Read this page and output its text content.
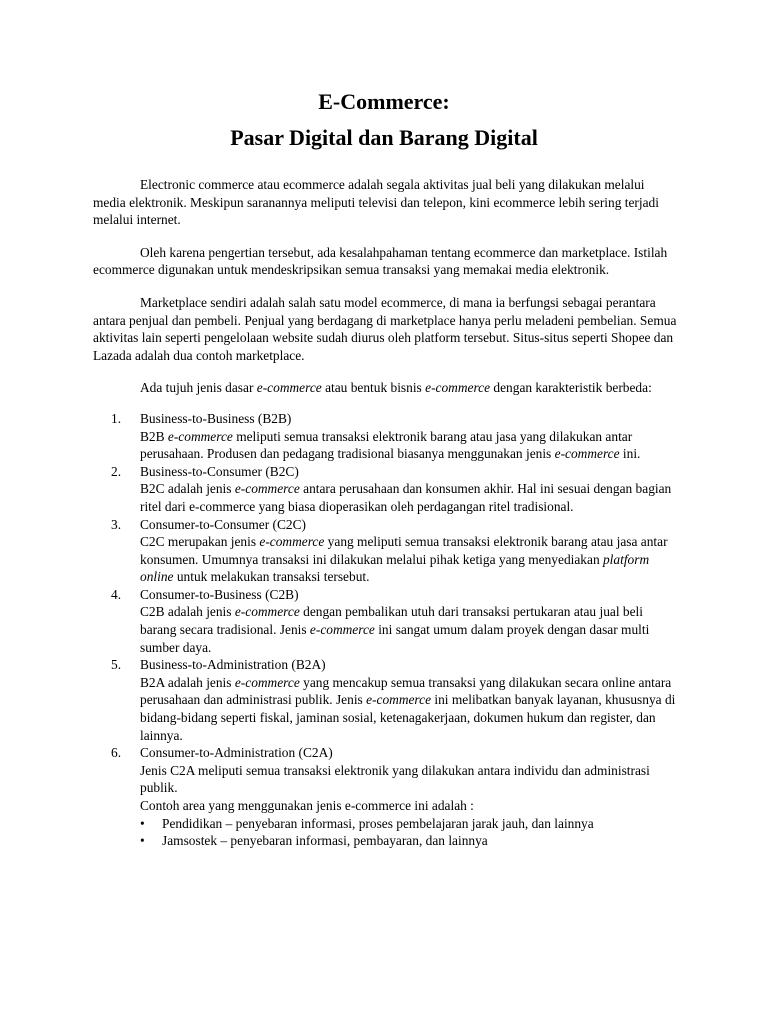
E-Commerce:
Pasar Digital dan Barang Digital

Electronic commerce atau ecommerce adalah segala aktivitas jual beli yang dilakukan melalui media elektronik. Meskipun saranannya meliputi televisi dan telepon, kini ecommerce lebih sering terjadi melalui internet.

Oleh karena pengertian tersebut, ada kesalahpahaman tentang ecommerce dan marketplace. Istilah ecommerce digunakan untuk mendeskripsikan semua transaksi yang memakai media elektronik.

Marketplace sendiri adalah salah satu model ecommerce, di mana ia berfungsi sebagai perantara antara penjual dan pembeli. Penjual yang berdagang di marketplace hanya perlu meladeni pembelian. Semua aktivitas lain seperti pengelolaan website sudah diurus oleh platform tersebut. Situs-situs seperti Shopee dan Lazada adalah dua contoh marketplace.

Ada tujuh jenis dasar e-commerce atau bentuk bisnis e-commerce dengan karakteristik berbeda:

1.	Business-to-Business (B2B)
B2B e-commerce meliputi semua transaksi elektronik barang atau jasa yang dilakukan antar perusahaan. Produsen dan pedagang tradisional biasanya menggunakan jenis e-commerce ini.
2.	Business-to-Consumer (B2C)
B2C adalah jenis e-commerce antara perusahaan dan konsumen akhir. Hal ini sesuai dengan bagian ritel dari e-commerce yang biasa dioperasikan oleh perdagangan ritel tradisional.
3.	Consumer-to-Consumer (C2C)
C2C merupakan jenis e-commerce yang meliputi semua transaksi elektronik barang atau jasa antar konsumen. Umumnya transaksi ini dilakukan melalui pihak ketiga yang menyediakan platform online untuk melakukan transaksi tersebut.
4.	Consumer-to-Business (C2B)
C2B adalah jenis e-commerce dengan pembalikan utuh dari transaksi pertukaran atau jual beli barang secara tradisional. Jenis e-commerce ini sangat umum dalam proyek dengan dasar multi sumber daya.
5.	Business-to-Administration (B2A)
B2A adalah jenis e-commerce yang mencakup semua transaksi yang dilakukan secara online antara perusahaan dan administrasi publik. Jenis e-commerce ini melibatkan banyak layanan, khususnya di bidang-bidang seperti fiskal, jaminan sosial, ketenagakerjaan, dokumen hukum dan register, dan lainnya.
6.	Consumer-to-Administration (C2A)
Jenis C2A meliputi semua transaksi elektronik yang dilakukan antara individu dan administrasi publik.
Contoh area yang menggunakan jenis e-commerce ini adalah :
• Pendidikan – penyebaran informasi, proses pembelajaran jarak jauh, dan lainnya
• Jamsostek – penyebaran informasi, pembayaran, dan lainnya
